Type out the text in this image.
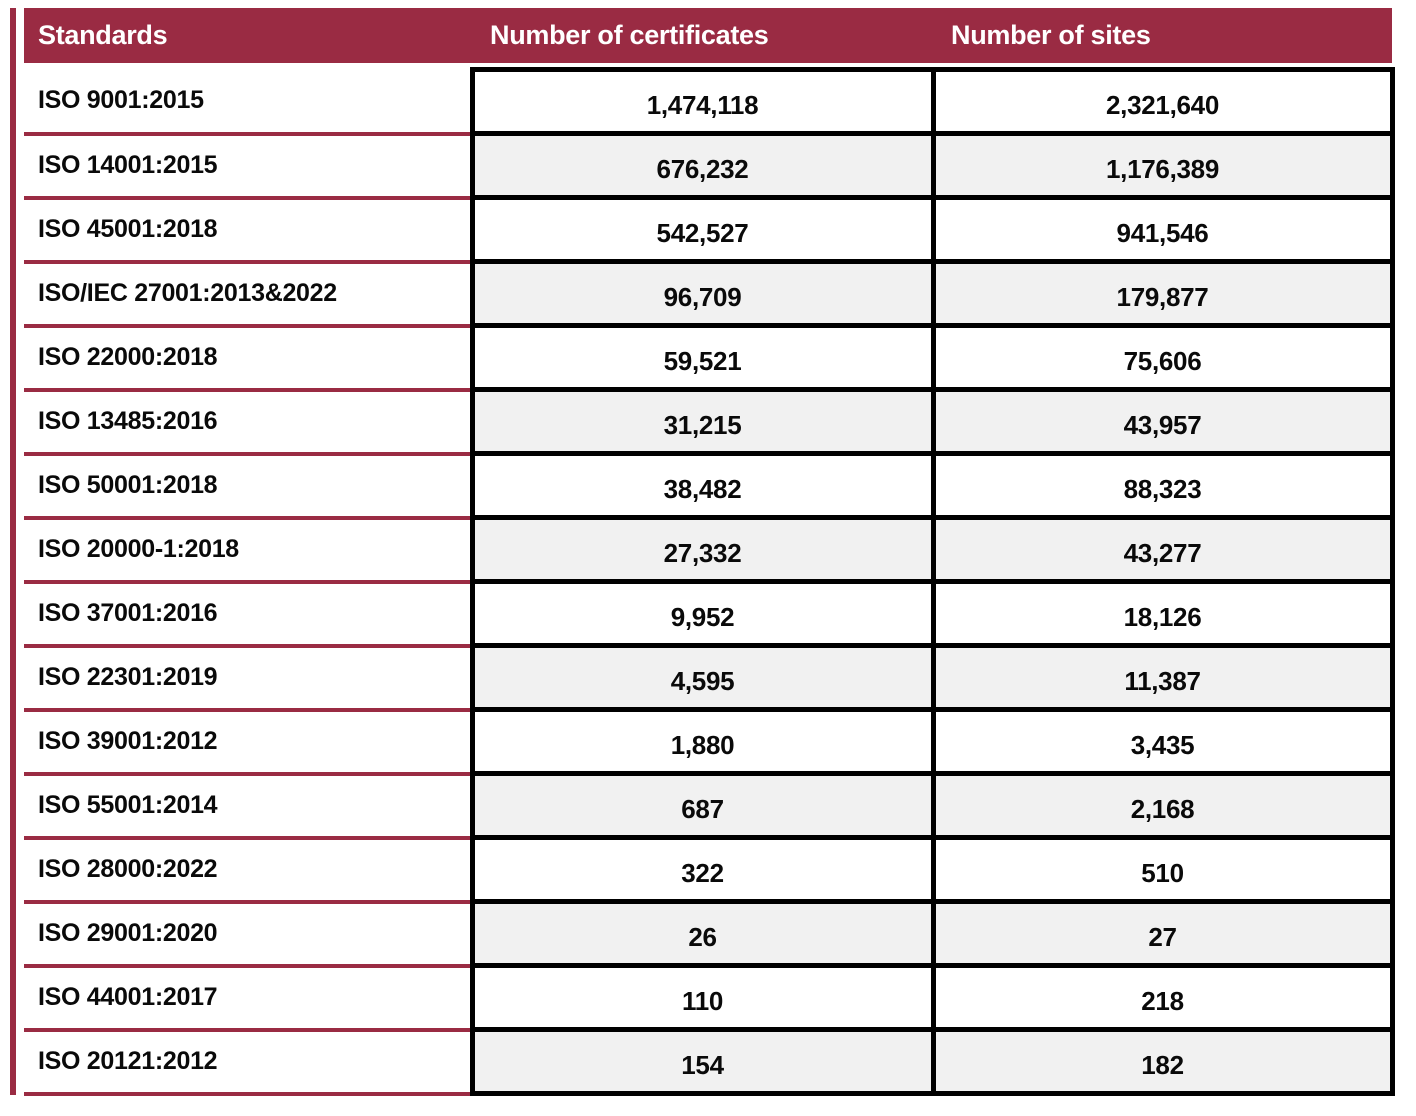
Standards	Number of certificates	Number of sites
ISO 9001:2015	1,474,118	2,321,640
ISO 14001:2015	676,232	1,176,389
ISO 45001:2018	542,527	941,546
ISO/IEC 27001:2013&2022	96,709	179,877
ISO 22000:2018	59,521	75,606
ISO 13485:2016	31,215	43,957
ISO 50001:2018	38,482	88,323
ISO 20000-1:2018	27,332	43,277
ISO 37001:2016	9,952	18,126
ISO 22301:2019	4,595	11,387
ISO 39001:2012	1,880	3,435
ISO 55001:2014	687	2,168
ISO 28000:2022	322	510
ISO 29001:2020	26	27
ISO 44001:2017	110	218
ISO 20121:2012	154	182
